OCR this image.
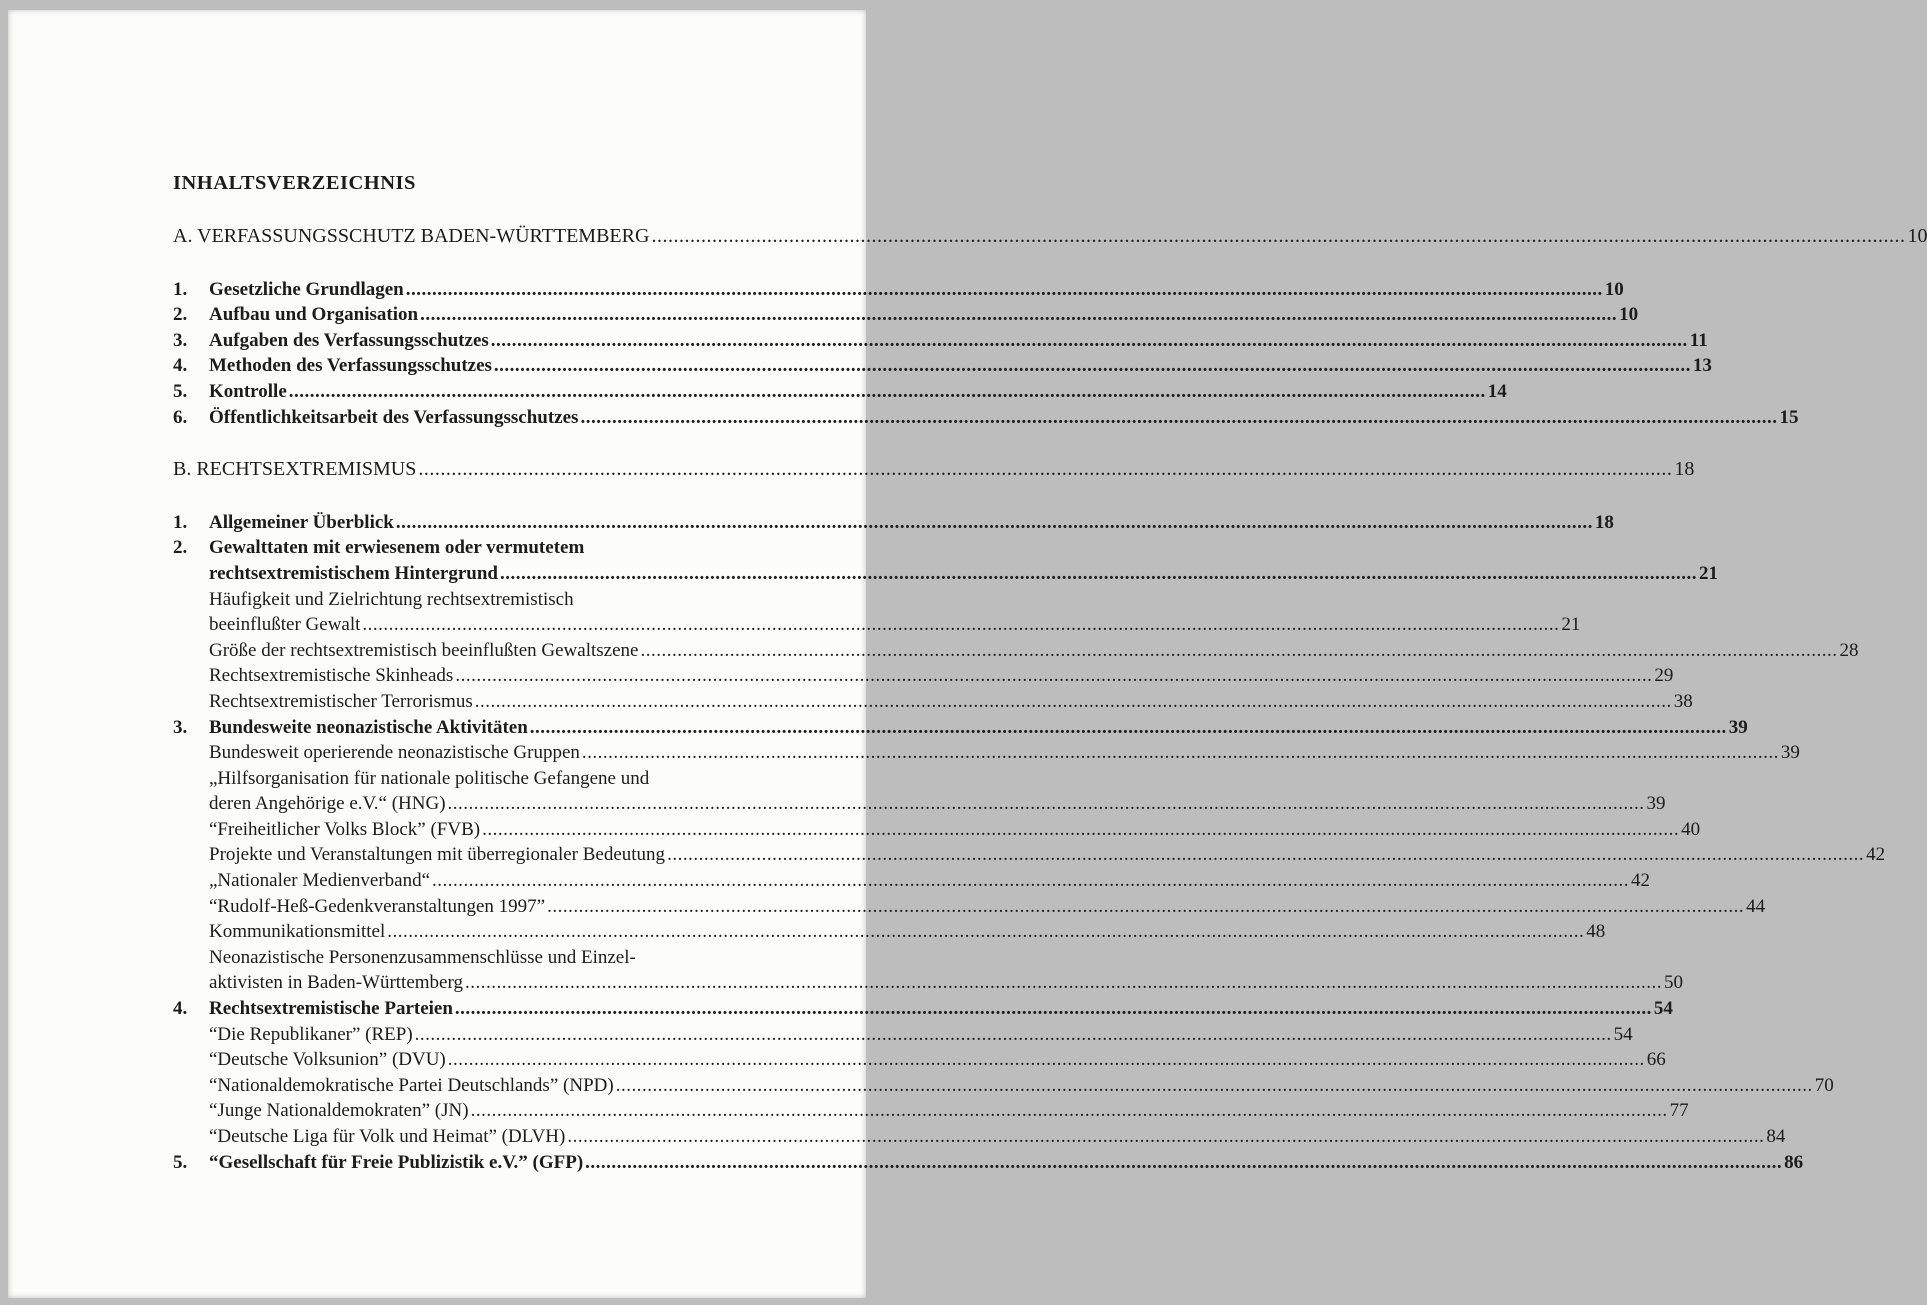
INHALTSVERZEICHNIS
A. VERFASSUNGSSCHUTZ BADEN-WÜRTTEMBERG .....	10
1.	Gesetzliche Grundlagen .....	10
2.	Aufbau und Organisation .....	10
3.	Aufgaben des Verfassungsschutzes .....	11
4.	Methoden des Verfassungsschutzes .....	13
5.	Kontrolle .....	14
6.	Öffentlichkeitsarbeit des Verfassungsschutzes .....	15
B. RECHTSEXTREMISMUS .....	18
1.	Allgemeiner Überblick .....	18
2.	Gewalttaten mit erwiesenem oder vermutetem
rechtsextremistischem Hintergrund .....	21
Häufigkeit und Zielrichtung rechtsextremistisch
beeinflußter Gewalt .....	21
Größe der rechtsextremistisch beeinflußten Gewaltszene .....	28
Rechtsextremistische Skinheads .....	29
Rechtsextremistischer Terrorismus .....	38
3.	Bundesweite neonazistische Aktivitäten .....	39
Bundesweit operierende neonazistische Gruppen .....	39
„Hilfsorganisation für nationale politische Gefangene und
deren Angehörige e.V.“ (HNG) .....	39
“Freiheitlicher Volks Block” (FVB) .....	40
Projekte und Veranstaltungen mit überregionaler Bedeutung .....	42
„Nationaler Medienverband“ .....	42
“Rudolf-Heß-Gedenkveranstaltungen 1997” .....	44
Kommunikationsmittel .....	48
Neonazistische Personenzusammenschlüsse und Einzel-
aktivisten in Baden-Württemberg .....	50
4.	Rechtsextremistische Parteien .....	54
“Die Republikaner” (REP) .....	54
“Deutsche Volksunion” (DVU) .....	66
“Nationaldemokratische Partei Deutschlands” (NPD) .....	70
“Junge Nationaldemokraten” (JN) .....	77
“Deutsche Liga für Volk und Heimat” (DLVH) .....	84
5.	“Gesellschaft für Freie Publizistik e.V.” (GFP) .....	86
